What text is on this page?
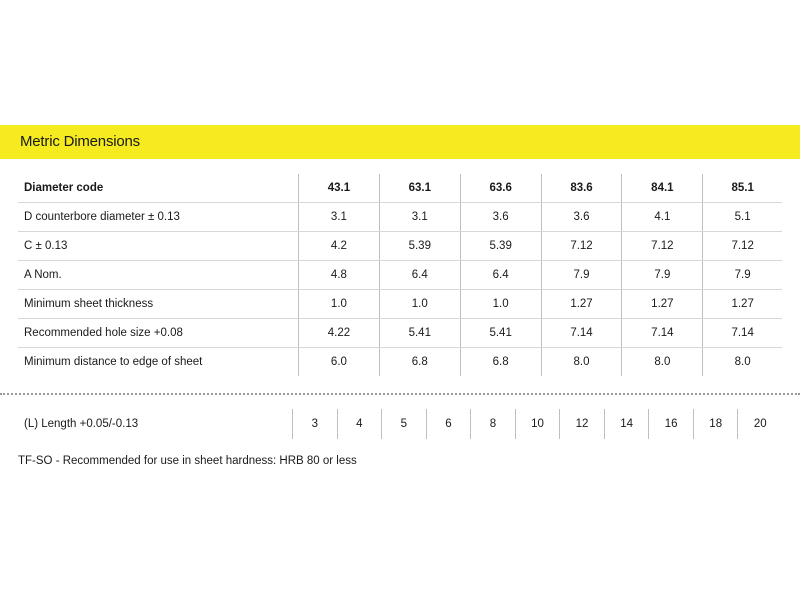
Metric Dimensions
Diameter code	43.1	63.1	63.6	83.6	84.1	85.1
D counterbore diameter ± 0.13	3.1	3.1	3.6	3.6	4.1	5.1
C ± 0.13	4.2	5.39	5.39	7.12	7.12	7.12
A Nom.	4.8	6.4	6.4	7.9	7.9	7.9
Minimum sheet thickness	1.0	1.0	1.0	1.27	1.27	1.27
Recommended hole size +0.08	4.22	5.41	5.41	7.14	7.14	7.14
Minimum distance to edge of sheet	6.0	6.8	6.8	8.0	8.0	8.0
(L) Length +0.05/-0.13	3	4	5	6	8	10	12	14	16	18	20
TF-SO - Recommended for use in sheet hardness: HRB 80 or less
